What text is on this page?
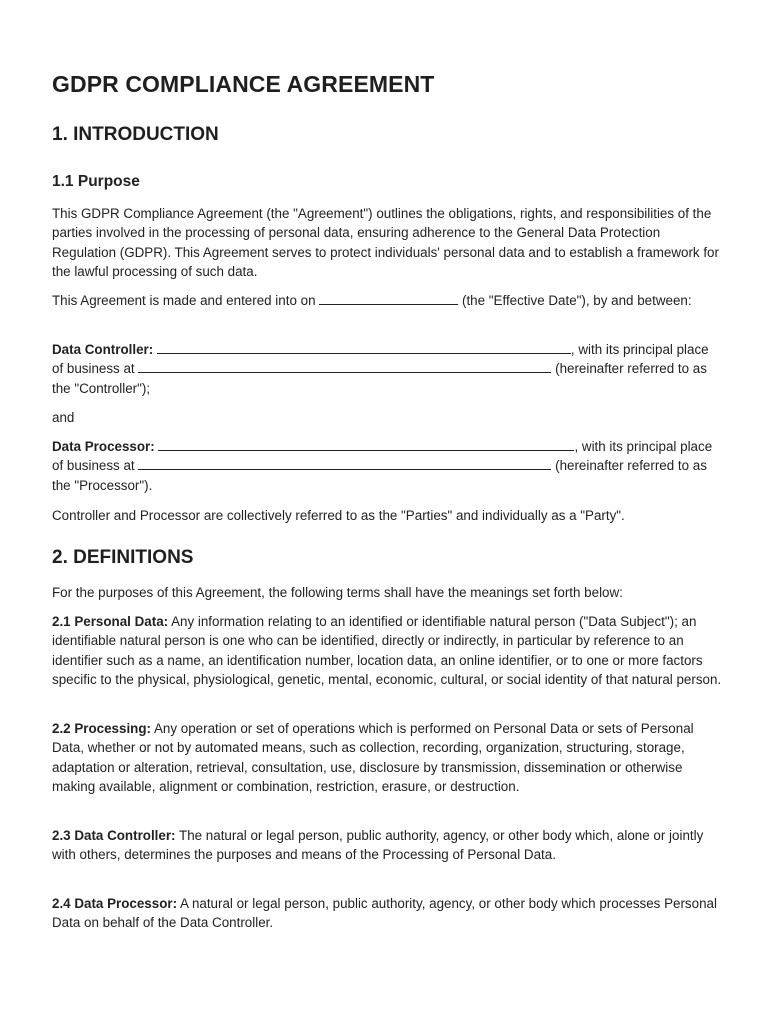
GDPR COMPLIANCE AGREEMENT
1. INTRODUCTION
1.1 Purpose

This GDPR Compliance Agreement (the "Agreement") outlines the obligations, rights, and responsibilities of the parties involved in the processing of personal data, ensuring adherence to the General Data Protection Regulation (GDPR). This Agreement serves to protect individuals' personal data and to establish a framework for the lawful processing of such data.

This Agreement is made and entered into on	(the "Effective Date"), by and between:

Data Controller:	, with its principal place of business at	(hereinafter referred to as the "Controller");

and

Data Processor:	, with its principal place of business at	(hereinafter referred to as the "Processor").

Controller and Processor are collectively referred to as the "Parties" and individually as a "Party".

2. DEFINITIONS

For the purposes of this Agreement, the following terms shall have the meanings set forth below:

2.1 Personal Data: Any information relating to an identified or identifiable natural person ("Data Subject"); an identifiable natural person is one who can be identified, directly or indirectly, in particular by reference to an identifier such as a name, an identification number, location data, an online identifier, or to one or more factors specific to the physical, physiological, genetic, mental, economic, cultural, or social identity of that natural person.

2.2 Processing: Any operation or set of operations which is performed on Personal Data or sets of Personal Data, whether or not by automated means, such as collection, recording, organization, structuring, storage, adaptation or alteration, retrieval, consultation, use, disclosure by transmission, dissemination or otherwise making available, alignment or combination, restriction, erasure, or destruction.

2.3 Data Controller: The natural or legal person, public authority, agency, or other body which, alone or jointly with others, determines the purposes and means of the Processing of Personal Data.

2.4 Data Processor: A natural or legal person, public authority, agency, or other body which processes Personal Data on behalf of the Data Controller.
